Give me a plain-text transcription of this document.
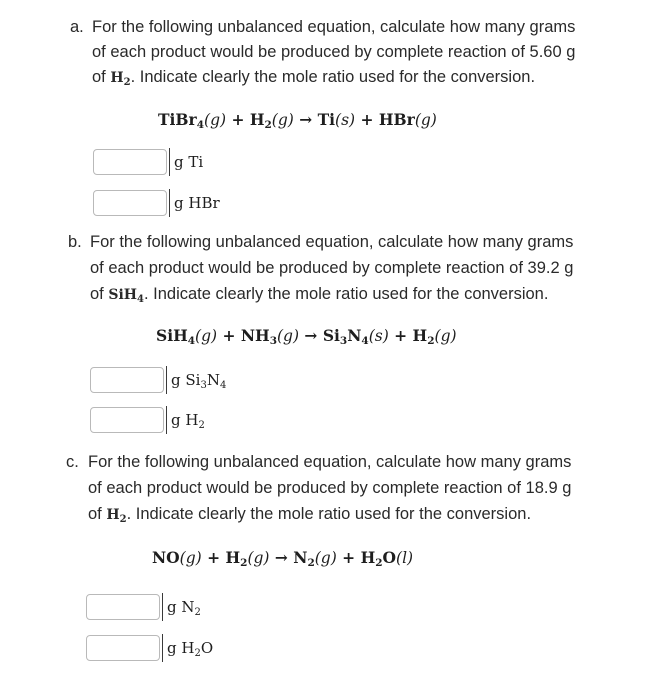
a. For the following unbalanced equation, calculate how many grams
of each product would be produced by complete reaction of 5.60 g
of $H_2$. Indicate clearly the mole ratio used for the conversion.
TiBr$_4$(g) + $H_2(g) \to Ti(s) + HBr(g)$
g Ti
g HBr
b. For the following unbalanced equation, calculate how many grams
of each product would be produced by complete reaction of 39.2 g
of SiH$_4$. Indicate clearly the mole ratio used for the conversion.
$SiH_4(g) + NH_3(g) \to Si_3N_4(s) + H_2(g)$
g $Si_3N_4$
g $H_2$
c. For the following unbalanced equation, calculate how many grams
of each product would be produced by complete reaction of 18.9 g
of $H_2$. Indicate clearly the mole ratio used for the conversion.
$NO(g) + H_2(g) \to N_2(g) + H_2O(l)$
g $N_2$
g $H_2O$
